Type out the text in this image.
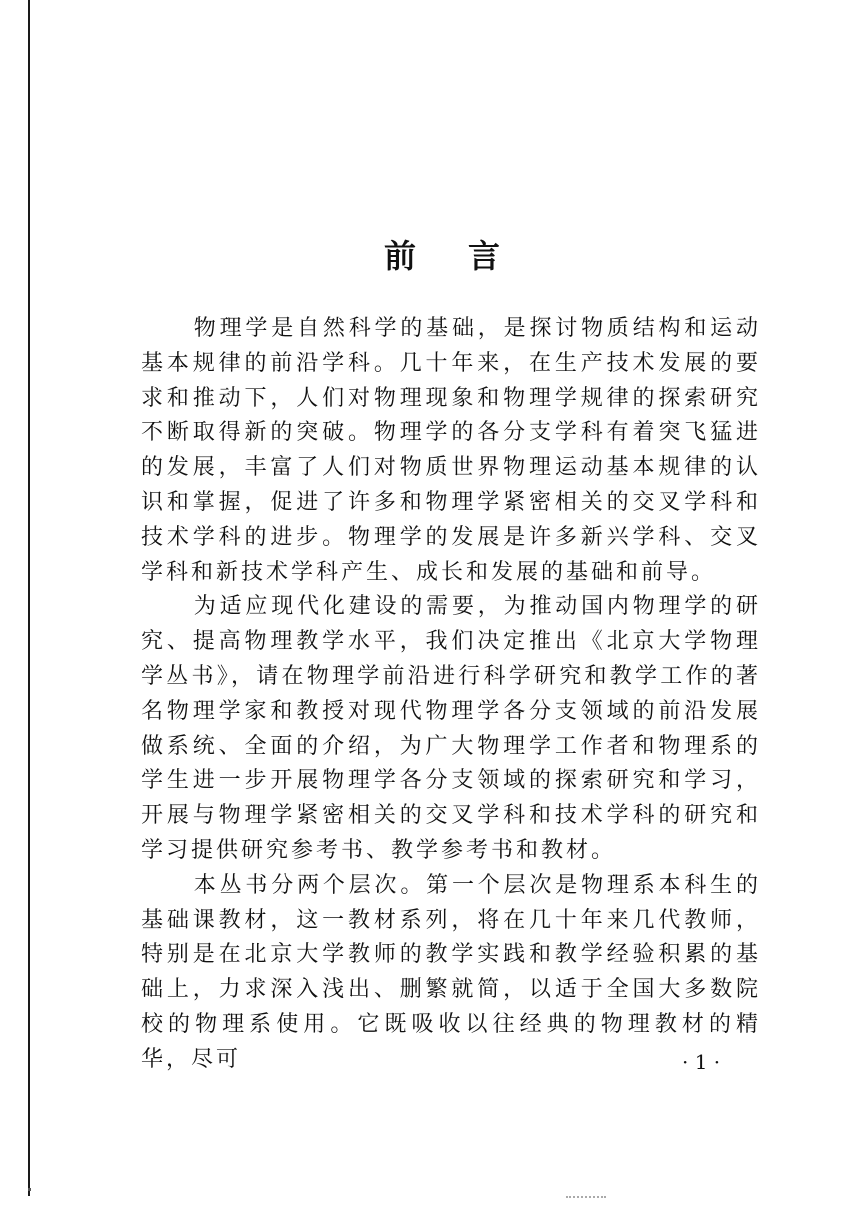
前言

物理学是自然科学的基础，是探讨物质结构和运动基本规律的前沿学科。几十年来，在生产技术发展的要求和推动下，人们对物理现象和物理学规律的探索研究不断取得新的突破。物理学的各分支学科有着突飞猛进的发展，丰富了人们对物质世界物理运动基本规律的认识和掌握，促进了许多和物理学紧密相关的交叉学科和技术学科的进步。物理学的发展是许多新兴学科、交叉学科和新技术学科产生、成长和发展的基础和前导。

为适应现代化建设的需要，为推动国内物理学的研究、提高物理教学水平，我们决定推出《北京大学物理学丛书》，请在物理学前沿进行科学研究和教学工作的著名物理学家和教授对现代物理学各分支领域的前沿发展做系统、全面的介绍，为广大物理学工作者和物理系的学生进一步开展物理学各分支领域的探索研究和学习，开展与物理学紧密相关的交叉学科和技术学科的研究和学习提供研究参考书、教学参考书和教材。

本丛书分两个层次。第一个层次是物理系本科生的基础课教材，这一教材系列，将在几十年来几代教师，特别是在北京大学教师的教学实践和教学经验积累的基础上，力求深入浅出、删繁就简，以适于全国大多数院校的物理系使用。它既吸收以往经典的物理教材的精华，尽可	· 1 ·
